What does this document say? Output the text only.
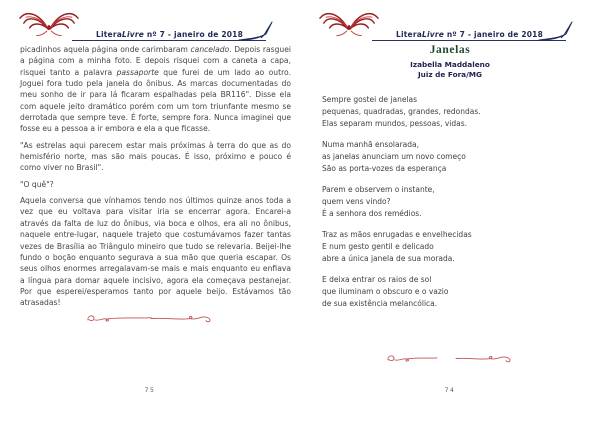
LiteraLivre nº 7 - janeiro de 2018

picadinhos aquela página onde carimbaram cancelado. Depois rasguei a página com a minha foto. E depois risquei com a caneta a capa, risquei tanto a palavra passaporte que furei de um lado ao outro. Joguei fora tudo pela janela do ônibus. As marcas documentadas do meu sonho de ir para lá ficaram espalhadas pela BR116". Disse ela com aquele jeito dramático porém com um tom triunfante mesmo se derrotada que sempre teve. É forte, sempre fora. Nunca imaginei que fosse eu a pessoa a ir embora e ela a que ficasse.

"As estrelas aqui parecem estar mais próximas à terra do que as do hemisfério norte, mas são mais poucas. É isso, próximo e pouco é como viver no Brasil".

"O quê"?

Aquela conversa que vínhamos tendo nos últimos quinze anos toda a vez que eu voltava para visitar iria se encerrar agora. Encarei-a através da falta de luz do ônibus, via boca e olhos, era ali no ônibus, naquele entre-lugar, naquele trajeto que costumávamos fazer tantas vezes de Brasília ao Triângulo mineiro que tudo se relevaria. Beijei-lhe fundo o boção enquanto segurava a sua mão que queria escapar. Os seus olhos enormes arregalavam-se mais e mais enquanto eu enfiava a língua para domar aquele incisivo, agora ela começava pestanejar. Por que esperei/esperamos tanto por aquele beijo. Estávamos tão atrasadas!

75
LiteraLivre nº 7 - janeiro de 2018
Janelas
Izabella Maddaleno
Juiz de Fora/MG
Sempre gostei de janelas
pequenas, quadradas, grandes, redondas.
Elas separam mundos, pessoas, vidas.
Numa manhã ensolarada,
as janelas anunciam um novo começo
São as porta-vozes da esperança
Parem e observem o instante,
quem vens vindo?
É a senhora dos remédios.
Traz as mãos enrugadas e envelhecidas
E num gesto gentil e delicado
abre a única janela de sua morada.
E deixa entrar os raios de sol
que iluminam o obscuro e o vazio
de sua existência melancólica.
74
